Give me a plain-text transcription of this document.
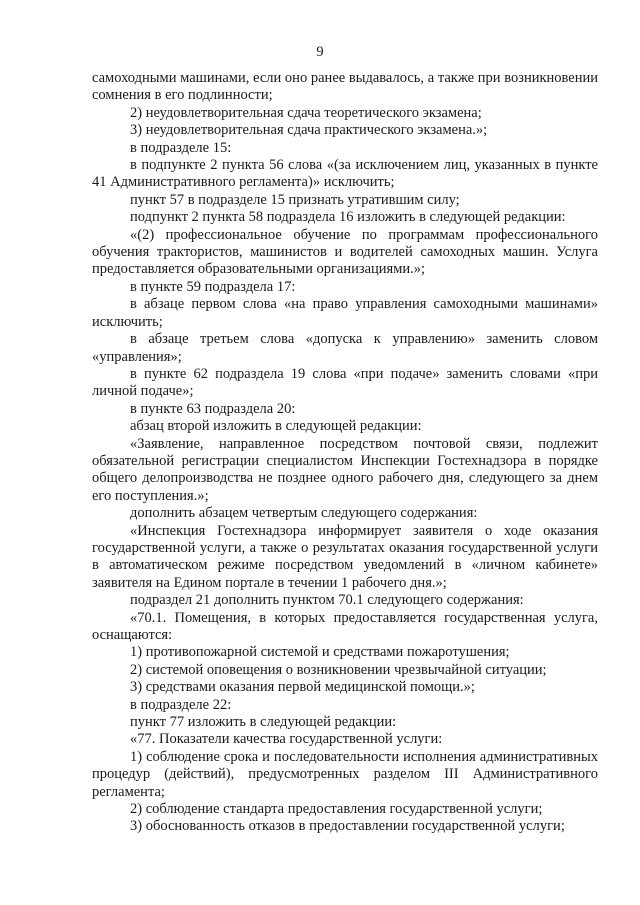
9

самоходными машинами, если оно ранее выдавалось, а также при возникновении сомнения в его подлинности;

2) неудовлетворительная сдача теоретического экзамена;

3) неудовлетворительная сдача практического экзамена.»;

в подразделе 15:

в подпункте 2 пункта 56 слова «(за исключением лиц, указанных в пункте 41 Административного регламента)» исключить;

пункт 57 в подразделе 15 признать утратившим силу;

подпункт 2 пункта 58 подраздела 16 изложить в следующей редакции:

«(2) профессиональное обучение по программам профессионального обучения трактористов, машинистов и водителей самоходных машин. Услуга предоставляется образовательными организациями.»;

в пункте 59 подраздела 17:

в абзаце первом слова «на право управления самоходными машинами» исключить;

в абзаце третьем слова «допуска к управлению» заменить словом «управления»;

в пункте 62 подраздела 19 слова «при подаче» заменить словами «при личной подаче»;

в пункте 63 подраздела 20:

абзац второй изложить в следующей редакции:

«Заявление, направленное посредством почтовой связи, подлежит обязательной регистрации специалистом Инспекции Гостехнадзора в порядке общего делопроизводства не позднее одного рабочего дня, следующего за днем его поступления.»;

дополнить абзацем четвертым следующего содержания:

«Инспекция Гостехнадзора информирует заявителя о ходе оказания государственной услуги, а также о результатах оказания государственной услуги в автоматическом режиме посредством уведомлений в «личном кабинете» заявителя на Едином портале в течении 1 рабочего дня.»;

подраздел 21 дополнить пунктом 70.1 следующего содержания:

«70.1. Помещения, в которых предоставляется государственная услуга, оснащаются:

1) противопожарной системой и средствами пожаротушения;

2) системой оповещения о возникновении чрезвычайной ситуации;

3) средствами оказания первой медицинской помощи.»;

в подразделе 22:

пункт 77 изложить в следующей редакции:

«77. Показатели качества государственной услуги:

1) соблюдение срока и последовательности исполнения административных процедур (действий), предусмотренных разделом III Административного регламента;

2) соблюдение стандарта предоставления государственной услуги;

3) обоснованность отказов в предоставлении государственной услуги;
